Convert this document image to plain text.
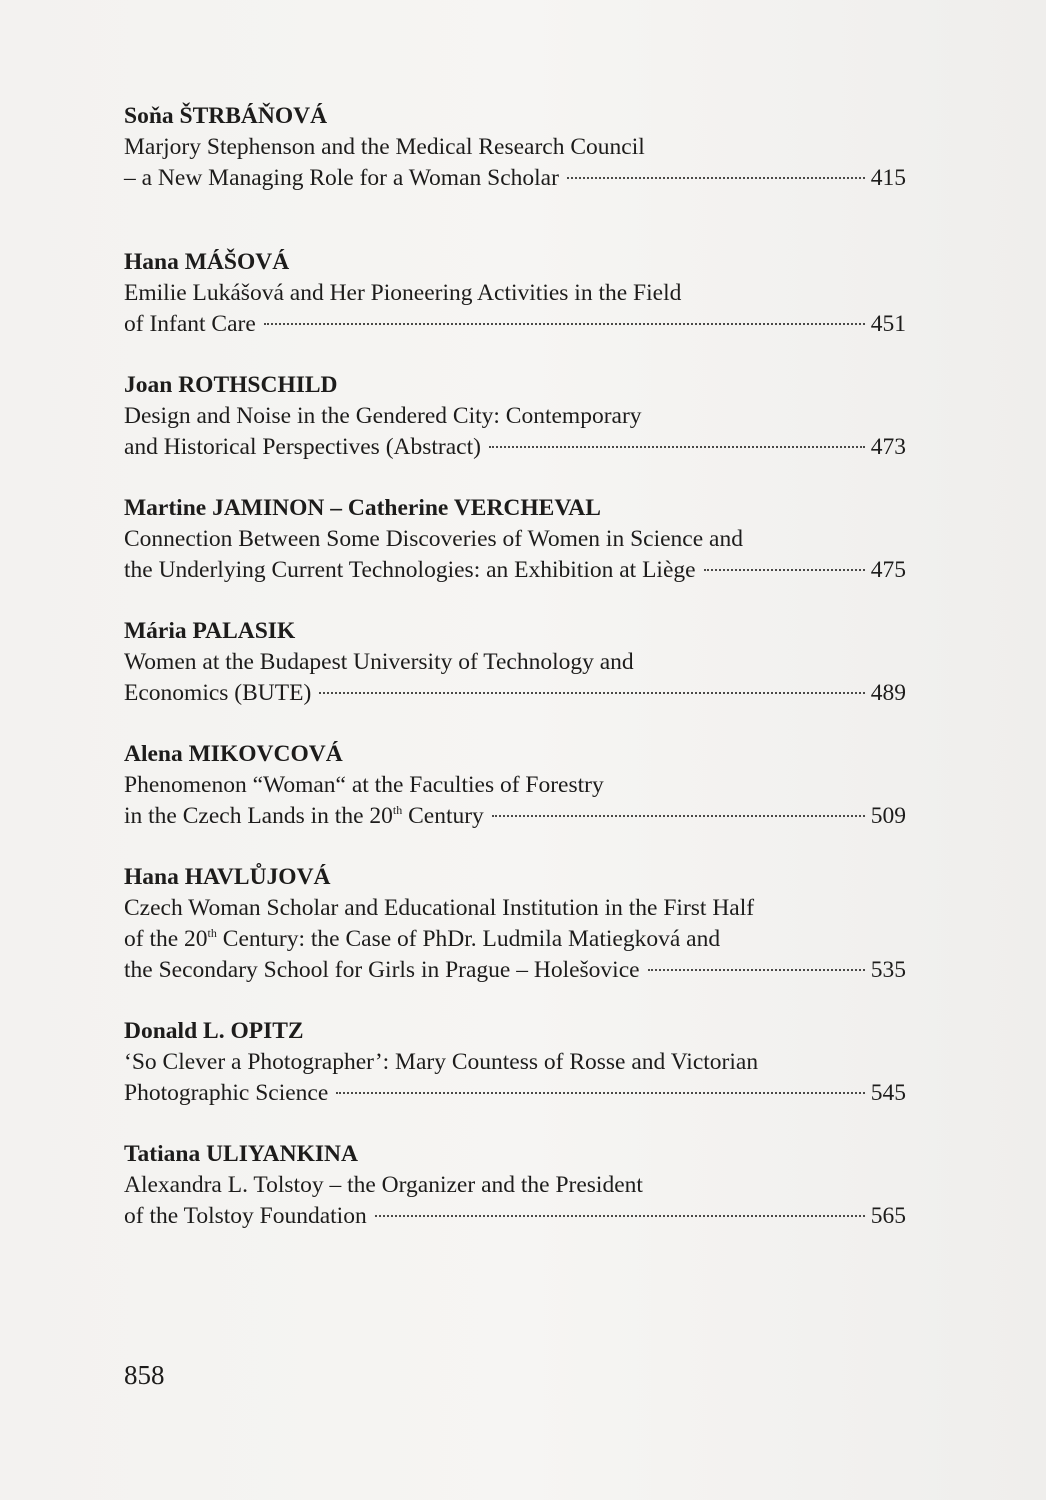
Soňa ŠTRBÁŇOVÁ
Marjory Stephenson and the Medical Research Council
– a New Managing Role for a Woman Scholar	415
Hana MÁŠOVÁ
Emilie Lukášová and Her Pioneering Activities in the Field
of Infant Care	451
Joan ROTHSCHILD
Design and Noise in the Gendered City: Contemporary
and Historical Perspectives (Abstract)	473
Martine JAMINON – Catherine VERCHEVAL
Connection Between Some Discoveries of Women in Science and
the Underlying Current Technologies: an Exhibition at Liège	475
Mária PALASIK
Women at the Budapest University of Technology and
Economics (BUTE)	489
Alena MIKOVCOVÁ
Phenomenon “Woman“ at the Faculties of Forestry
in the Czech Lands in the 20th Century	509
Hana HAVLŮJOVÁ
Czech Woman Scholar and Educational Institution in the First Half
of the 20th Century: the Case of PhDr. Ludmila Matiegková and
the Secondary School for Girls in Prague – Holešovice	535
Donald L. OPITZ
‘So Clever a Photographer’: Mary Countess of Rosse and Victorian
Photographic Science	545
Tatiana ULIYANKINA
Alexandra L. Tolstoy – the Organizer and the President
of the Tolstoy Foundation	565
858
